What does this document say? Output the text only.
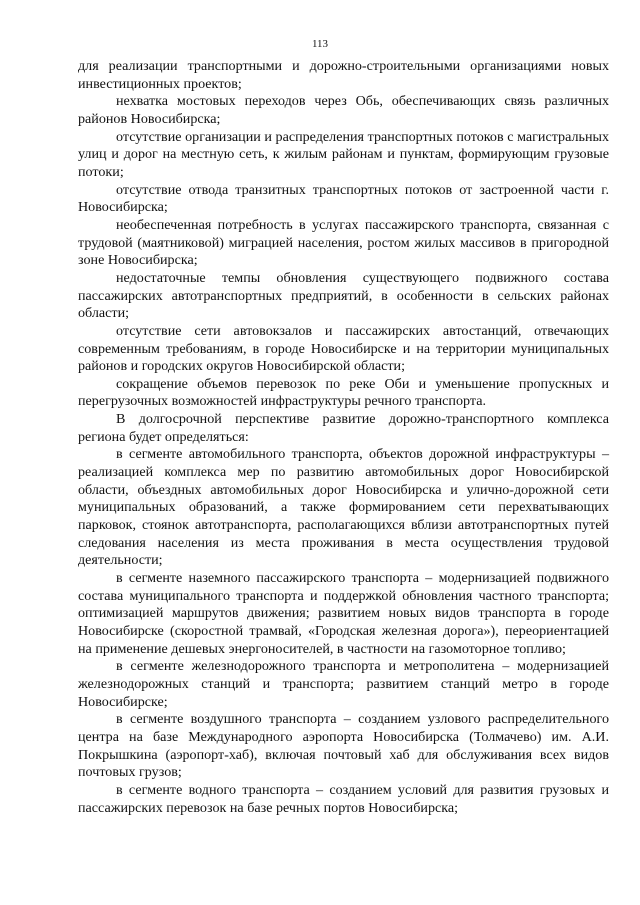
113

для реализации транспортными и дорожно-строительными организациями новых инвестиционных проектов;

нехватка мостовых переходов через Обь, обеспечивающих связь различных районов Новосибирска;

отсутствие организации и распределения транспортных потоков с магистральных улиц и дорог на местную сеть, к жилым районам и пунктам, формирующим грузовые потоки;

отсутствие отвода транзитных транспортных потоков от застроенной части г. Новосибирска;

необеспеченная потребность в услугах пассажирского транспорта, связанная с трудовой (маятниковой) миграцией населения, ростом жилых массивов в пригородной зоне Новосибирска;

недостаточные темпы обновления существующего подвижного состава пассажирских автотранспортных предприятий, в особенности в сельских районах области;

отсутствие сети автовокзалов и пассажирских автостанций, отвечающих современным требованиям, в городе Новосибирске и на территории муниципальных районов и городских округов Новосибирской области;

сокращение объемов перевозок по реке Оби и уменьшение пропускных и перегрузочных возможностей инфраструктуры речного транспорта.

В долгосрочной перспективе развитие дорожно-транспортного комплекса региона будет определяться:

в сегменте автомобильного транспорта, объектов дорожной инфраструктуры – реализацией комплекса мер по развитию автомобильных дорог Новосибирской области, объездных автомобильных дорог Новосибирска и улично-дорожной сети муниципальных образований, а также формированием сети перехватывающих парковок, стоянок автотранспорта, располагающихся вблизи автотранспортных путей следования населения из места проживания в места осуществления трудовой деятельности;

в сегменте наземного пассажирского транспорта – модернизацией подвижного состава муниципального транспорта и поддержкой обновления частного транспорта; оптимизацией маршрутов движения; развитием новых видов транспорта в городе Новосибирске (скоростной трамвай, «Городская железная дорога»), переориентацией на применение дешевых энергоносителей, в частности на газомоторное топливо;

в сегменте железнодорожного транспорта и метрополитена – модернизацией железнодорожных станций и транспорта; развитием станций метро в городе Новосибирске;

в сегменте воздушного транспорта – созданием узлового распределительного центра на базе Международного аэропорта Новосибирска (Толмачево) им. А.И. Покрышкина (аэропорт-хаб), включая почтовый хаб для обслуживания всех видов почтовых грузов;

в сегменте водного транспорта – созданием условий для развития грузовых и пассажирских перевозок на базе речных портов Новосибирска;
